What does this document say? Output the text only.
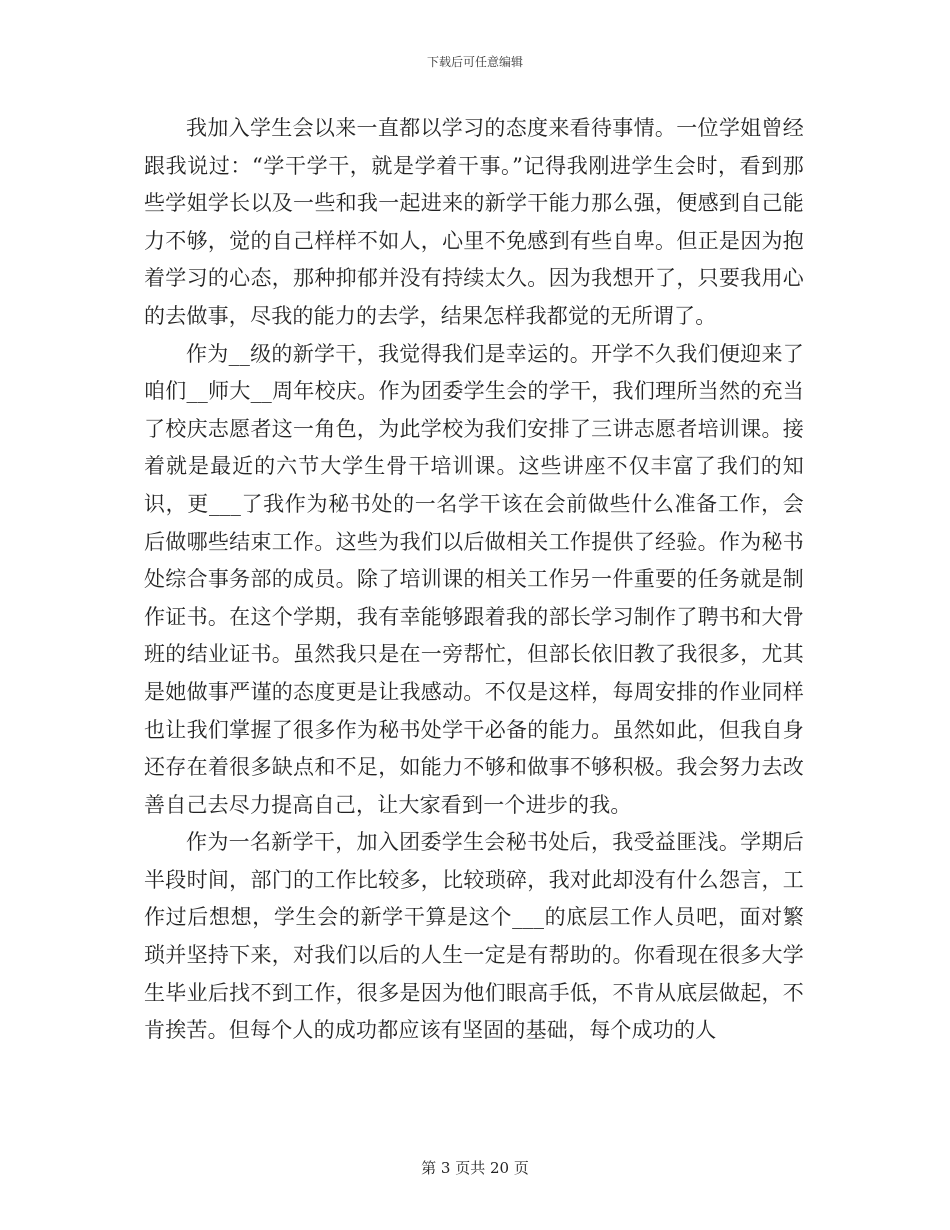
下载后可任意编辑

我加入学生会以来一直都以学习的态度来看待事情。一位学姐曾经跟我说过：“学干学干，就是学着干事。”记得我刚进学生会时，看到那些学姐学长以及一些和我一起进来的新学干能力那么强，便感到自己能力不够，觉的自己样样不如人，心里不免感到有些自卑。但正是因为抱着学习的心态，那种抑郁并没有持续太久。因为我想开了，只要我用心的去做事，尽我的能力的去学，结果怎样我都觉的无所谓了。

作为__级的新学干，我觉得我们是幸运的。开学不久我们便迎来了咱们__师大__周年校庆。作为团委学生会的学干，我们理所当然的充当了校庆志愿者这一角色，为此学校为我们安排了三讲志愿者培训课。接着就是最近的六节大学生骨干培训课。这些讲座不仅丰富了我们的知识，更___了我作为秘书处的一名学干该在会前做些什么准备工作，会后做哪些结束工作。这些为我们以后做相关工作提供了经验。作为秘书处综合事务部的成员。除了培训课的相关工作另一件重要的任务就是制作证书。在这个学期，我有幸能够跟着我的部长学习制作了聘书和大骨班的结业证书。虽然我只是在一旁帮忙，但部长依旧教了我很多，尤其是她做事严谨的态度更是让我感动。不仅是这样，每周安排的作业同样也让我们掌握了很多作为秘书处学干必备的能力。虽然如此，但我自身还存在着很多缺点和不足，如能力不够和做事不够积极。我会努力去改善自己去尽力提高自己，让大家看到一个进步的我。

作为一名新学干，加入团委学生会秘书处后，我受益匪浅。学期后半段时间，部门的工作比较多，比较琐碎，我对此却没有什么怨言，工作过后想想，学生会的新学干算是这个___的底层工作人员吧，面对繁琐并坚持下来，对我们以后的人生一定是有帮助的。你看现在很多大学生毕业后找不到工作，很多是因为他们眼高手低，不肯从底层做起，不肯挨苦。但每个人的成功都应该有坚固的基础，每个成功的人

第 3 页共 20 页
